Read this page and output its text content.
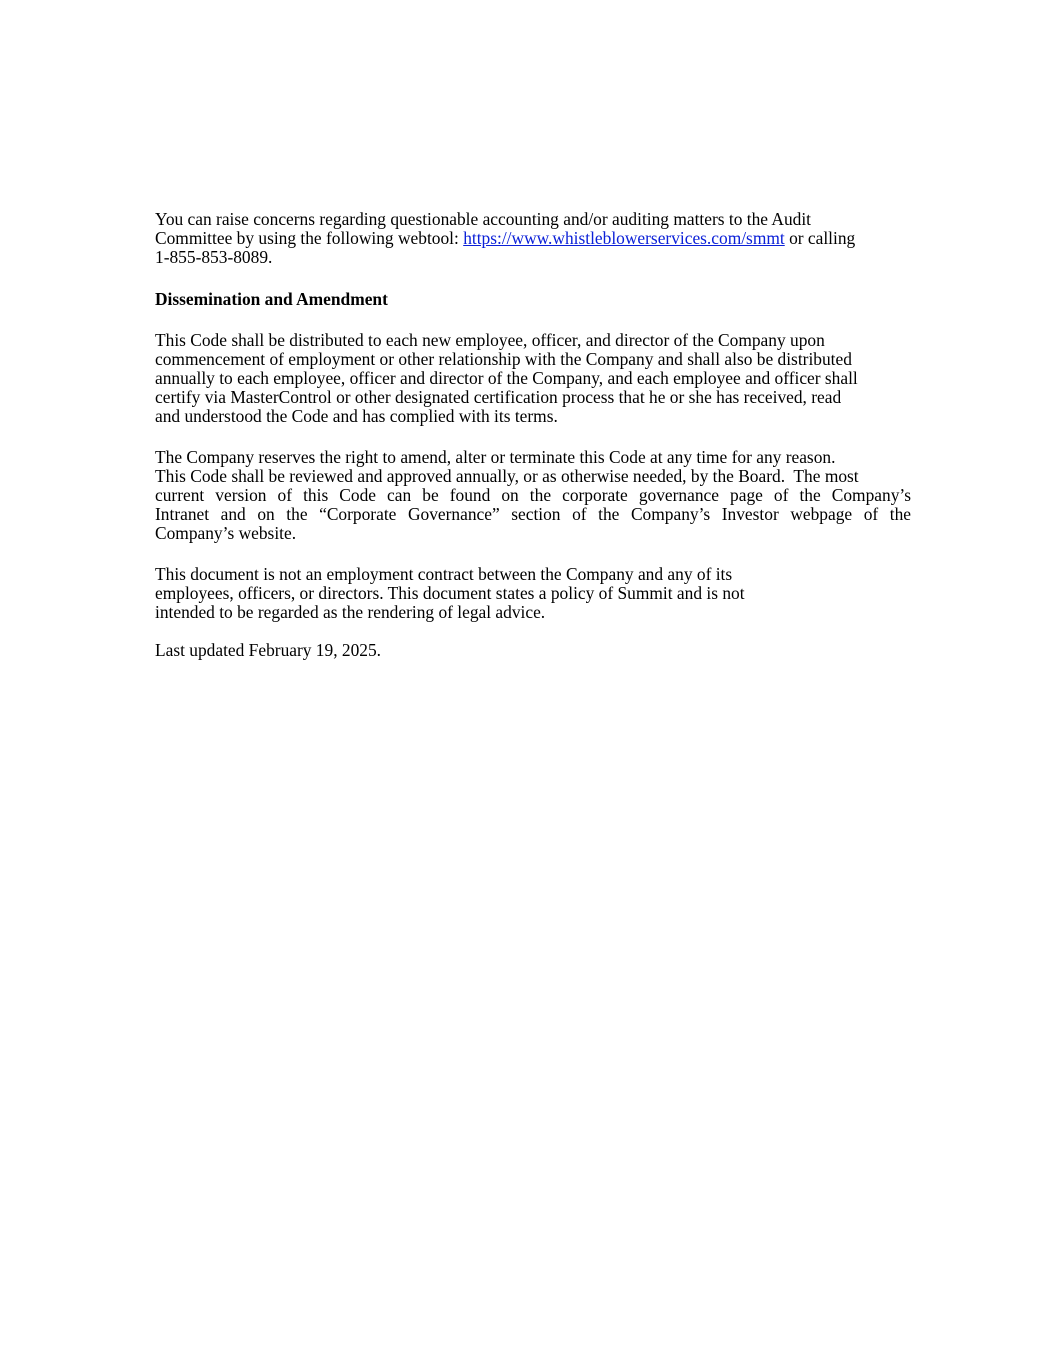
You can raise concerns regarding questionable accounting and/or auditing matters to the Audit
Committee by using the following webtool: https://www.whistleblowerservices.com/smmt or calling
1-855-853-8089.
Dissemination and Amendment
This Code shall be distributed to each new employee, officer, and director of the Company upon
commencement of employment or other relationship with the Company and shall also be distributed
annually to each employee, officer and director of the Company, and each employee and officer shall
certify via MasterControl or other designated certification process that he or she has received, read
and understood the Code and has complied with its terms.
The Company reserves the right to amend, alter or terminate this Code at any time for any reason.
This Code shall be reviewed and approved annually, or as otherwise needed, by the Board.  The most
current version of this Code can be found on the corporate governance page of the Company’s
Intranet and on the “Corporate Governance” section of the Company’s Investor webpage of the
Company’s website.
This document is not an employment contract between the Company and any of its
employees, officers, or directors. This document states a policy of Summit and is not
intended to be regarded as the rendering of legal advice.
Last updated February 19, 2025.
